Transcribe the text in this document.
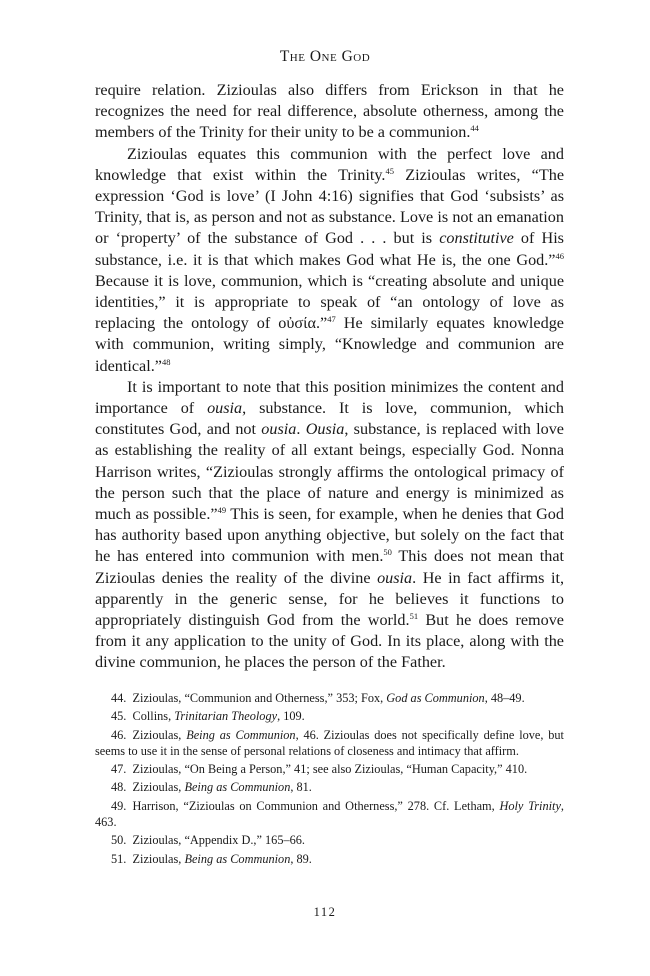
The One God

require relation. Zizioulas also differs from Erickson in that he recognizes the need for real difference, absolute otherness, among the members of the Trinity for their unity to be a communion.$^{44}$

Zizioulas equates this communion with the perfect love and knowledge that exist within the Trinity.$^{45}$ Zizioulas writes, “The expression ‘God is love’ (I John 4:16) signifies that God ‘subsists’ as Trinity, that is, as person and not as substance. Love is not an emanation or ‘property’ of the substance of God . . . but is constitutive of His substance, i.e. it is that which makes God what He is, the one God.”$^{46}$ Because it is love, communion, which is “creating absolute and unique identities,” it is appropriate to speak of “an ontology of love as replacing the ontology of οὐσία.”$^{47}$ He similarly equates knowledge with communion, writing simply, “Knowledge and communion are identical.”$^{48}$

It is important to note that this position minimizes the content and importance of ousia, substance. It is love, communion, which constitutes God, and not ousia. Ousia, substance, is replaced with love as establishing the reality of all extant beings, especially God. Nonna Harrison writes, “Zizioulas strongly affirms the ontological primacy of the person such that the place of nature and energy is minimized as much as possible.”$^{49}$ This is seen, for example, when he denies that God has authority based upon anything objective, but solely on the fact that he has entered into communion with men.$^{50}$ This does not mean that Zizioulas denies the reality of the divine ousia. He in fact affirms it, apparently in the generic sense, for he believes it functions to appropriately distinguish God from the world.$^{51}$ But he does remove from it any application to the unity of God. In its place, along with the divine communion, he places the person of the Father.

44.  Zizioulas, “Communion and Otherness,” 353; Fox, God as Communion, 48–49.

45.  Collins, Trinitarian Theology, 109.

46.  Zizioulas, Being as Communion, 46. Zizioulas does not specifically define love, but seems to use it in the sense of personal relations of closeness and intimacy that affirm.

47.  Zizioulas, “On Being a Person,” 41; see also Zizioulas, “Human Capacity,” 410.

48.  Zizioulas, Being as Communion, 81.

49.  Harrison, “Zizioulas on Communion and Otherness,” 278. Cf. Letham, Holy Trinity, 463.

50.  Zizioulas, “Appendix D.,” 165–66.

51.  Zizioulas, Being as Communion, 89.

112
